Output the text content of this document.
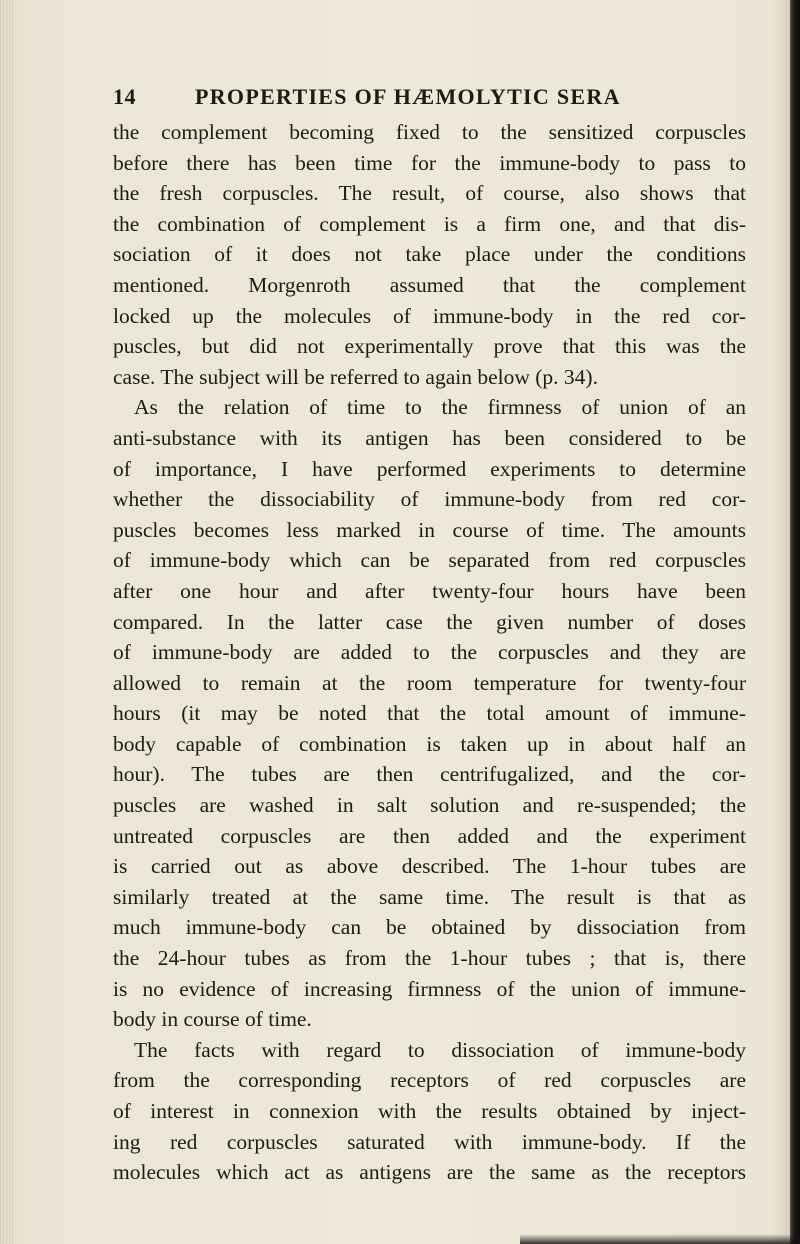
14	PROPERTIES OF HÆMOLYTIC SERA
the complement becoming fixed to the sensitized corpuscles
before there has been time for the immune-body to pass to
the fresh corpuscles. The result, of course, also shows that
the combination of complement is a firm one, and that dis-
sociation of it does not take place under the conditions
mentioned. Morgenroth assumed that the complement
locked up the molecules of immune-body in the red cor-
puscles, but did not experimentally prove that this was the
case. The subject will be referred to again below (p. 34).
As the relation of time to the firmness of union of an
anti-substance with its antigen has been considered to be
of importance, I have performed experiments to determine
whether the dissociability of immune-body from red cor-
puscles becomes less marked in course of time. The amounts
of immune-body which can be separated from red corpuscles
after one hour and after twenty-four hours have been
compared. In the latter case the given number of doses
of immune-body are added to the corpuscles and they are
allowed to remain at the room temperature for twenty-four
hours (it may be noted that the total amount of immune-
body capable of combination is taken up in about half an
hour). The tubes are then centrifugalized, and the cor-
puscles are washed in salt solution and re-suspended; the
untreated corpuscles are then added and the experiment
is carried out as above described. The 1-hour tubes are
similarly treated at the same time. The result is that as
much immune-body can be obtained by dissociation from
the 24-hour tubes as from the 1-hour tubes ; that is, there
is no evidence of increasing firmness of the union of immune-
body in course of time.
The facts with regard to dissociation of immune-body
from the corresponding receptors of red corpuscles are
of interest in connexion with the results obtained by inject-
ing red corpuscles saturated with immune-body. If the
molecules which act as antigens are the same as the receptors
